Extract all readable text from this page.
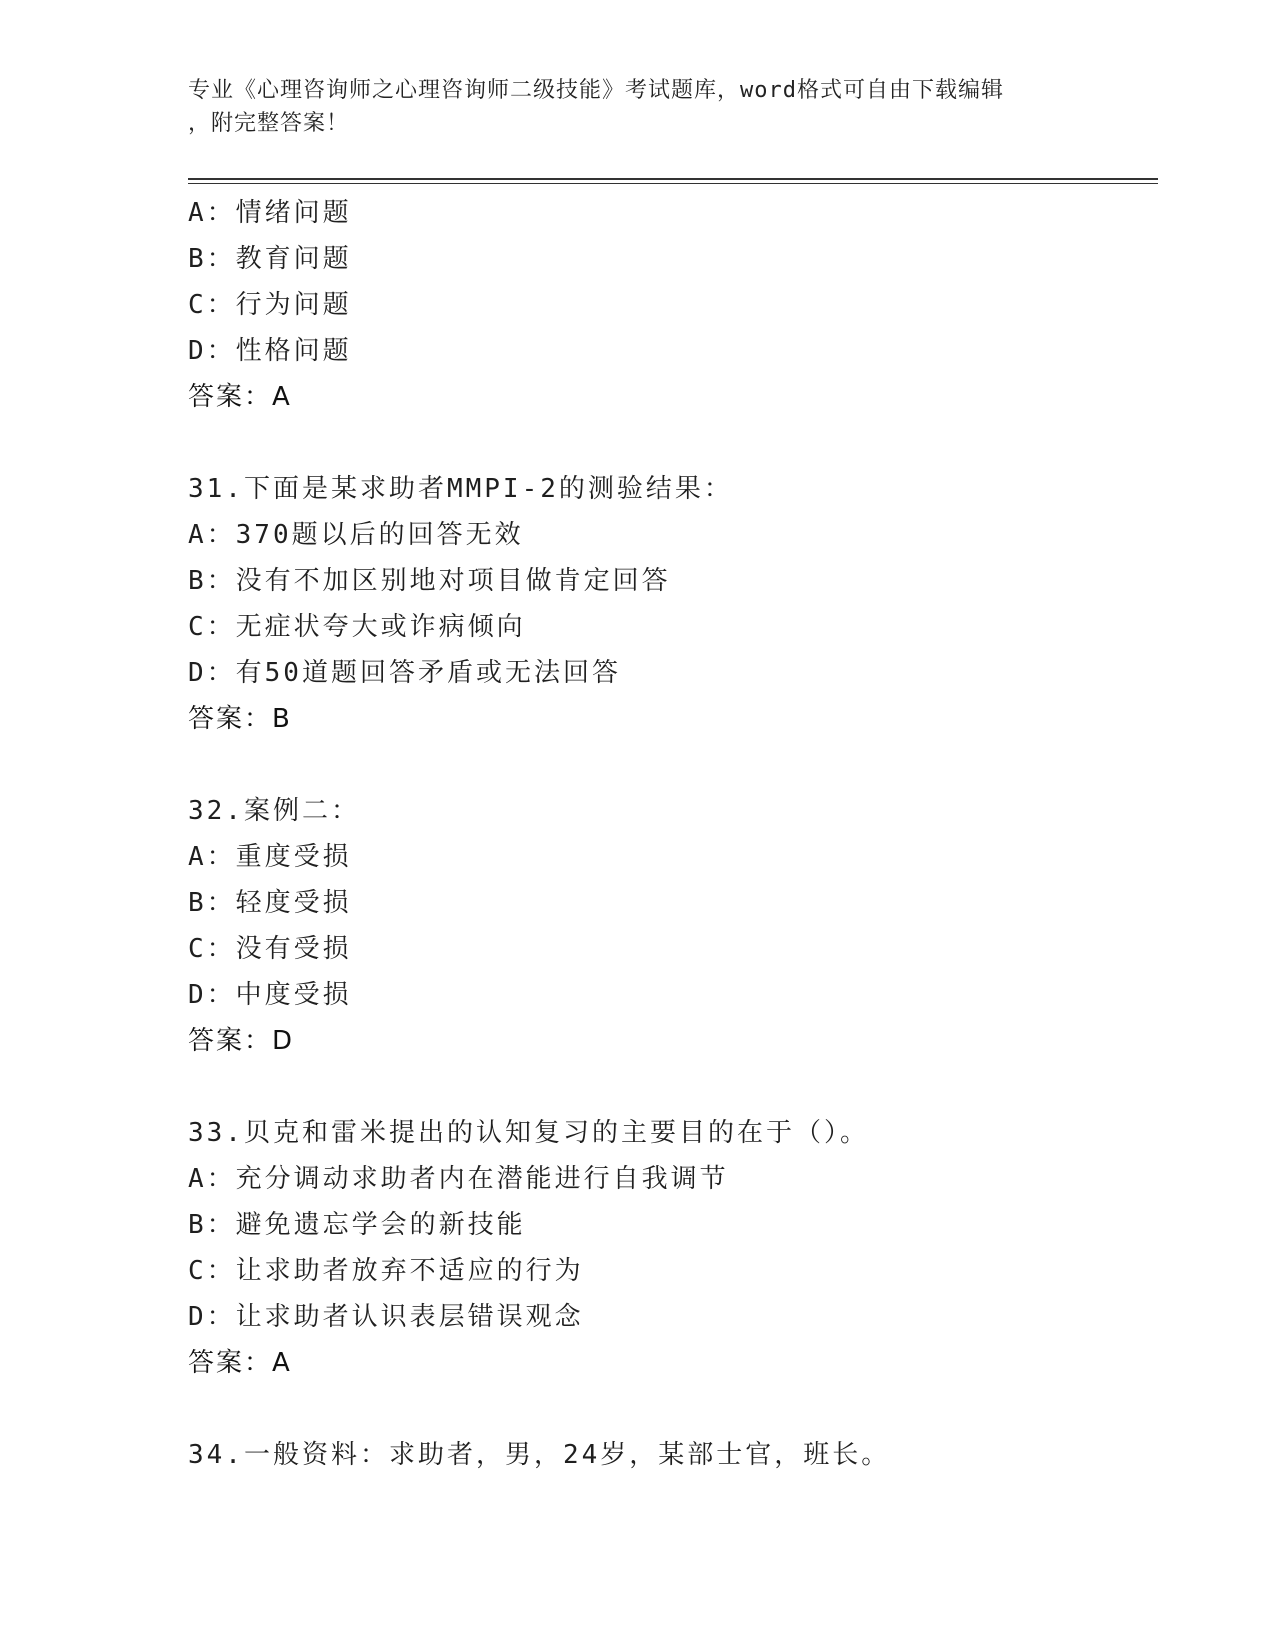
专业《心理咨询师之心理咨询师二级技能》考试题库，word格式可自由下载编辑
，附完整答案！
A：情绪问题
B：教育问题
C：行为问题
D：性格问题
答案：A
31.下面是某求助者MMPI-2的测验结果：
A：370题以后的回答无效
B：没有不加区别地对项目做肯定回答
C：无症状夸大或诈病倾向
D：有50道题回答矛盾或无法回答
答案：B
32.案例二：
A：重度受损
B：轻度受损
C：没有受损
D：中度受损
答案：D
33.贝克和雷米提出的认知复习的主要目的在于（）。
A：充分调动求助者内在潜能进行自我调节
B：避免遗忘学会的新技能
C：让求助者放弃不适应的行为
D：让求助者认识表层错误观念
答案：A
34.一般资料：求助者，男，24岁，某部士官，班长。
